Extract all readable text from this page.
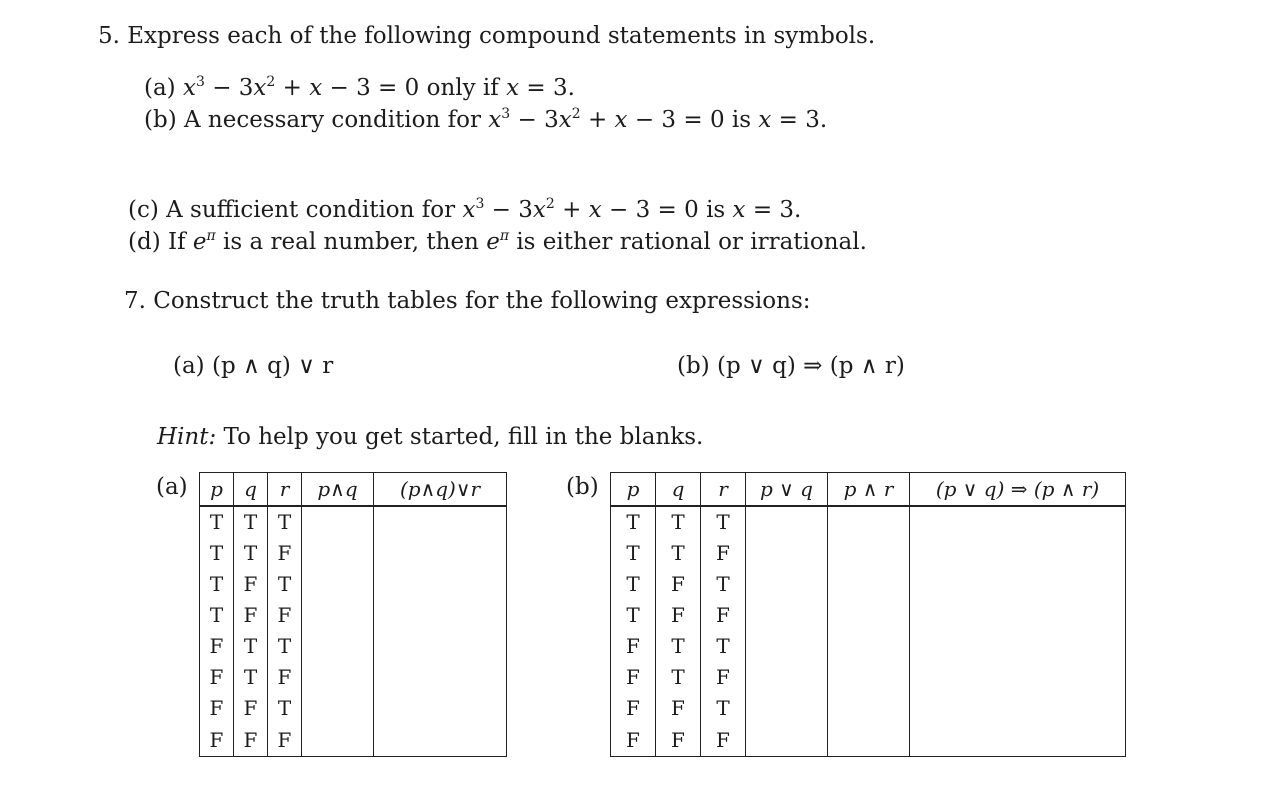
5. Express each of the following compound statements in symbols.
(a) $x^3 - 3x^2 + x - 3 = 0$ only if x = 3.
(b) A necessary condition for $x^3 - 3x^2 + x - 3 = 0$ is x = 3.
(c) A sufficient condition for $x^3 - 3x^2 + x - 3 = 0$ is x = 3.
(d) If $e^\pi$ is a real number, then $e^\pi$ is either rational or irrational.
7. Construct the truth tables for the following expressions:
(a) (p ∧ q) ∨ r	(b) (p ∨ q) ⇒ (p ∧ r)
Hint: To help you get started, fill in the blanks.
(a) p	q	r	p∧q	(p∧q)∨r
T	T	T		
T	T	F		
T	F	T		
T	F	F		
F	T	T		
F	T	F		
F	F	T		
F	F	F		
(b) p	q	r	p ∨ q	p ∧ r	(p ∨ q) ⇒ (p ∧ r)
T	T	T			
T	T	F			
T	F	T			
T	F	F			
F	T	T			
F	T	F			
F	F	T			
F	F	F			
